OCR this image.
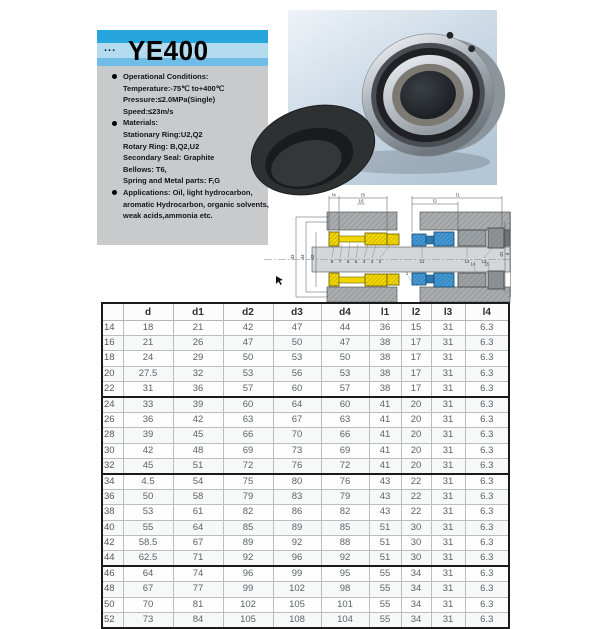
... YE400
Operational Conditions:
Temperature:-75℃ to+400℃
Pressure:≤2.0MPa(Single)
Speed:≤23m/s
Materials:
Stationary Ring:U2,Q2
Rotary Ring: B,Q2,U2
Secondary Seal: Graphite
Bellows: T6,
Spring and Metal parts: F,G
Applications: Oil, light hydrocarbon,
aromatic Hydrocarbon, organic solvents,
weak acids,ammonia etc.
l4	l3
16	l2
l1
d3 d4 d2
d1 d
8 7 6 5 4 3 2	11	12	13
1
14 15
	d	d1	d2	d3	d4	l1	l2	l3	l4
14	18	21	42	47	44	36	15	31	6.3
16	21	26	47	50	47	38	17	31	6.3
18	24	29	50	53	50	38	17	31	6.3
20	27.5	32	53	56	53	38	17	31	6.3
22	31	36	57	60	57	38	17	31	6.3
24	33	39	60	64	60	41	20	31	6.3
26	36	42	63	67	63	41	20	31	6.3
28	39	45	66	70	66	41	20	31	6.3
30	42	48	69	73	69	41	20	31	6.3
32	45	51	72	76	72	41	20	31	6.3
34	4.5	54	75	80	76	43	22	31	6.3
36	50	58	79	83	79	43	22	31	6.3
38	53	61	82	86	82	43	22	31	6.3
40	55	64	85	89	85	51	30	31	6.3
42	58.5	67	89	92	88	51	30	31	6.3
44	62.5	71	92	96	92	51	30	31	6.3
46	64	74	96	99	95	55	34	31	6.3
48	67	77	99	102	98	55	34	31	6.3
50	70	81	102	105	101	55	34	31	6.3
52	73	84	105	108	104	55	34	31	6.3
